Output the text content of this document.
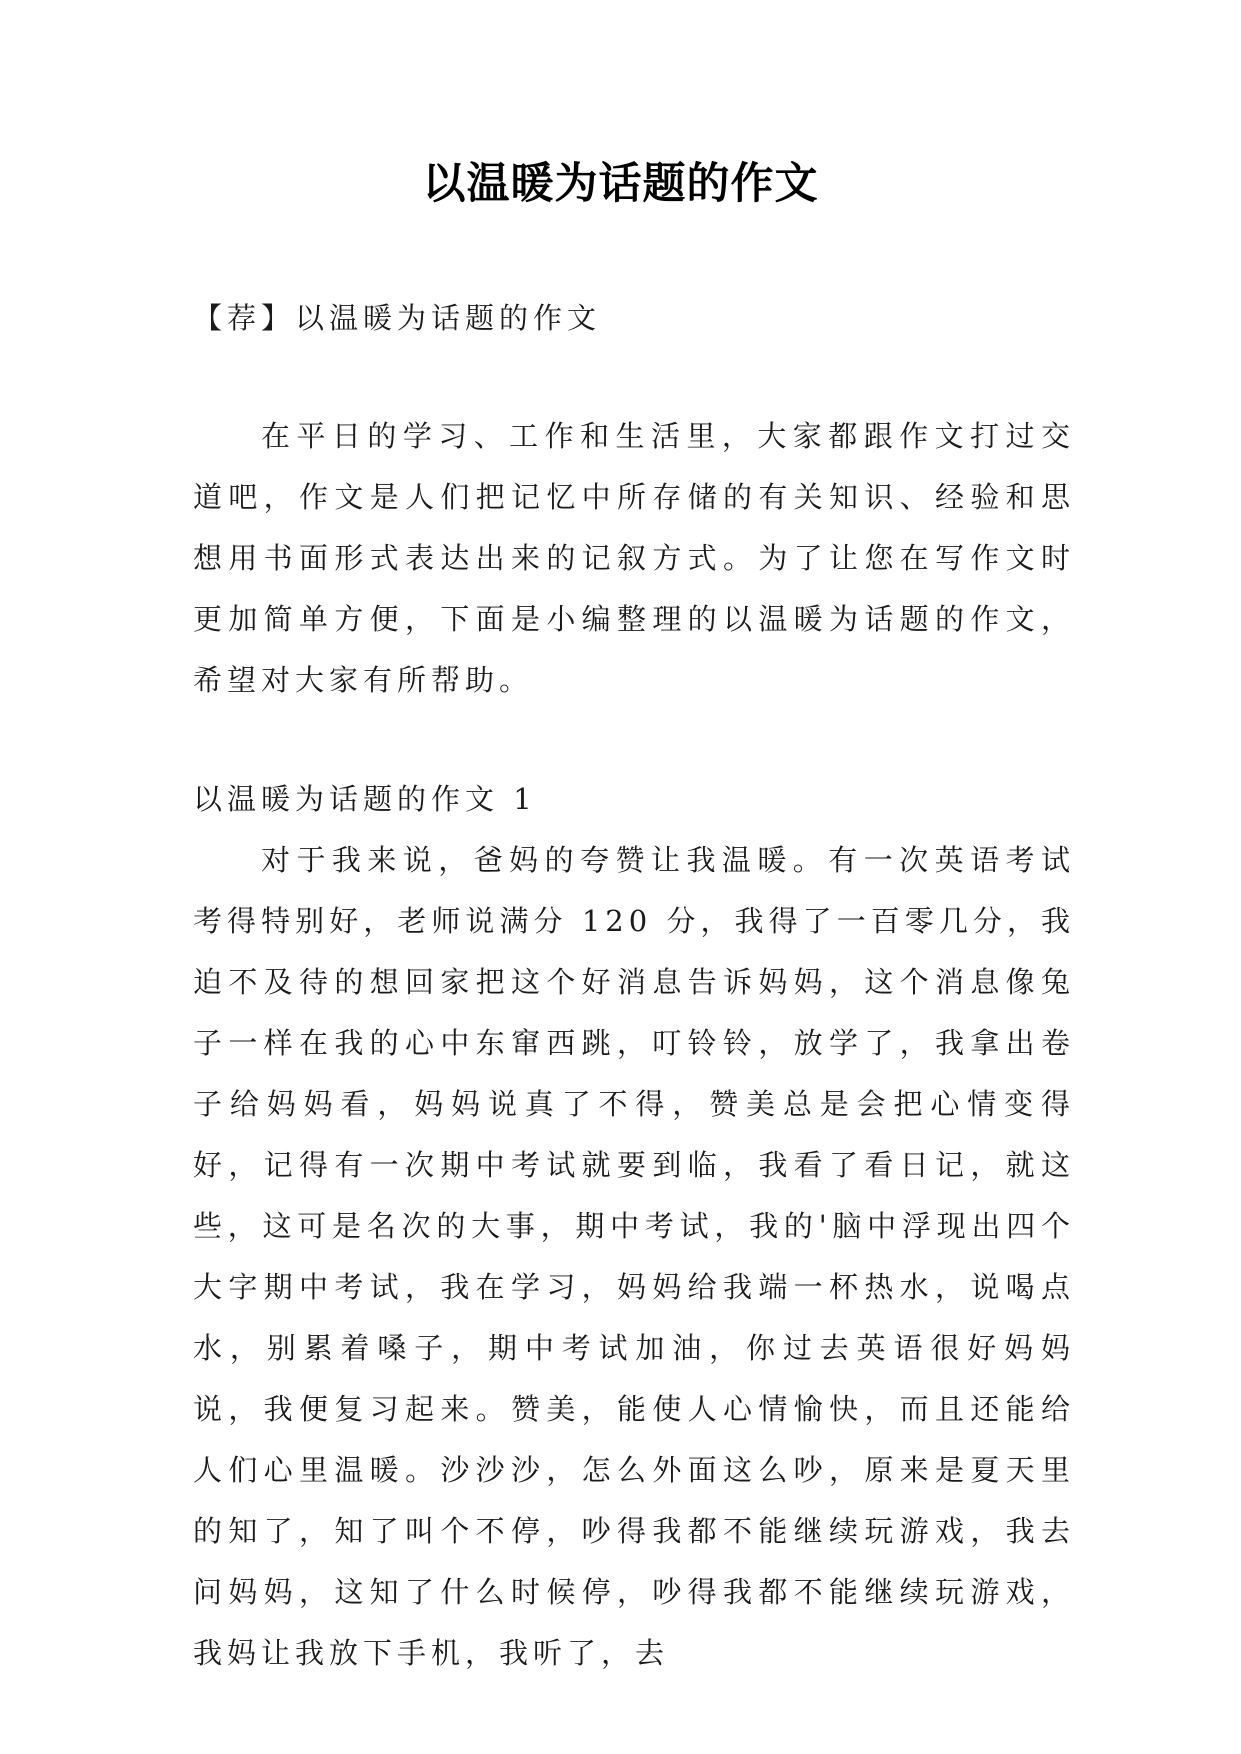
以温暖为话题的作文

【荐】以温暖为话题的作文

在平日的学习、工作和生活里，大家都跟作文打过交道吧，作文是人们把记忆中所存储的有关知识、经验和思想用书面形式表达出来的记叙方式。为了让您在写作文时更加简单方便，下面是小编整理的以温暖为话题的作文，希望对大家有所帮助。

以温暖为话题的作文 1

对于我来说，爸妈的夸赞让我温暖。有一次英语考试考得特别好，老师说满分 120 分，我得了一百零几分，我迫不及待的想回家把这个好消息告诉妈妈，这个消息像兔子一样在我的心中东窜西跳，叮铃铃，放学了，我拿出卷子给妈妈看，妈妈说真了不得，赞美总是会把心情变得好，记得有一次期中考试就要到临，我看了看日记，就这些，这可是名次的大事，期中考试，我的'脑中浮现出四个大字期中考试，我在学习，妈妈给我端一杯热水，说喝点水，别累着嗓子，期中考试加油，你过去英语很好妈妈说，我便复习起来。赞美，能使人心情愉快，而且还能给人们心里温暖。沙沙沙，怎么外面这么吵，原来是夏天里的知了，知了叫个不停，吵得我都不能继续玩游戏，我去问妈妈，这知了什么时候停，吵得我都不能继续玩游戏，我妈让我放下手机，我听了，去
